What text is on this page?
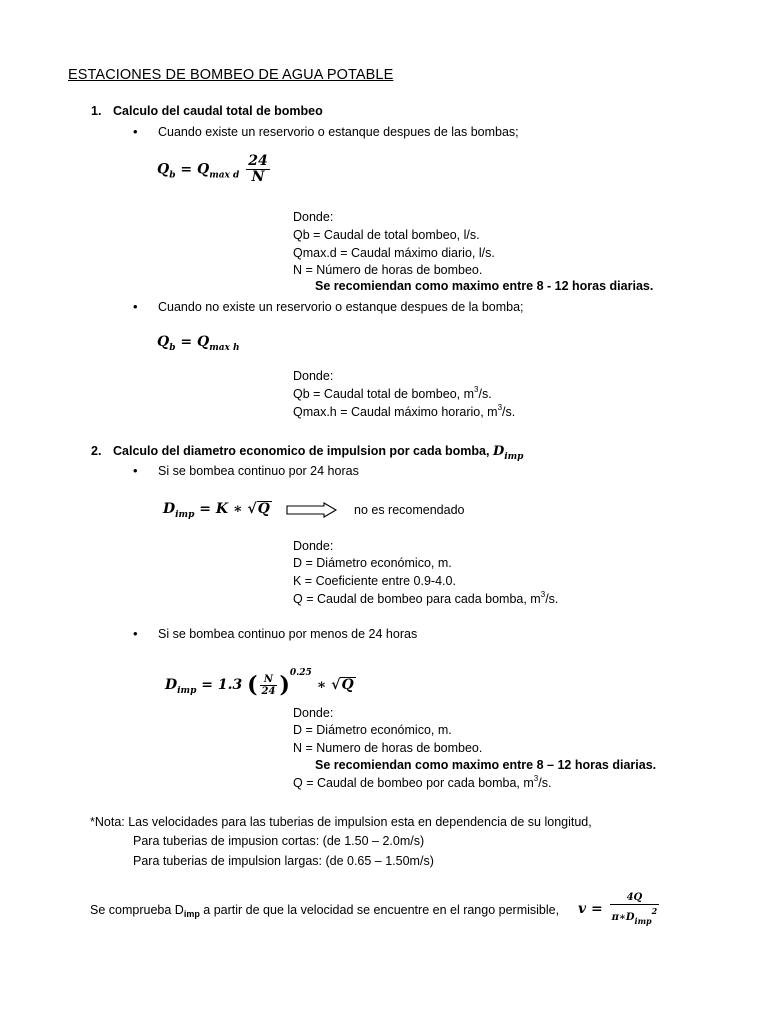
ESTACIONES DE BOMBEO DE AGUA POTABLE
1. Calculo del caudal total de bombeo
• Cuando existe un reservorio o estanque despues de las bombas;
$Q_b = Q_{max d} \frac{24}{N}$
Donde:
Qb = Caudal de total bombeo, l/s.
Qmax.d = Caudal máximo diario, l/s.
N = Número de horas de bombeo.
Se recomiendan como maximo entre 8 - 12 horas diarias.
• Cuando no existe un reservorio o estanque despues de la bomba;
$Q_b = Q_{max h}$
Donde:
Qb = Caudal total de bombeo, $m^3/s$.
Qmax.h = Caudal máximo horario, $m^3/s$.
2. Calculo del diametro economico de impulsion por cada bomba, $D_{imp}$
• Si se bombea continuo por 24 horas
$D_{imp} = K$ ∗ √Q	no es recomendado
Donde:
D = Diámetro económico, m.
K = Coeficiente entre 0.9-4.0.
Q = Caudal de bombeo para cada bomba, $m^3/s$.
• Si se bombea continuo por menos de 24 horas
$D_{imp} = 1.3$ ( $\frac{N}{24} )^{0.25}$ ∗ √Q
Donde:
D = Diámetro económico, m.
N = Numero de horas de bombeo.
Se recomiendan como maximo entre 8 – 12 horas diarias.
Q = Caudal de bombeo por cada bomba, $m^3/s$.
*Nota: Las velocidades para las tuberias de impulsion esta en dependencia de su longitud,
Para tuberias de impusion cortas: (de 1.50 – 2.0m/s)
Para tuberias de impulsion largas: (de 0.65 – 1.50m/s)
Se comprueba $D_{imp}$ a partir de que la velocidad se encuentre en el rango permisible, $v = \frac{4Q}{\pi∗D_{imp}^2}$
